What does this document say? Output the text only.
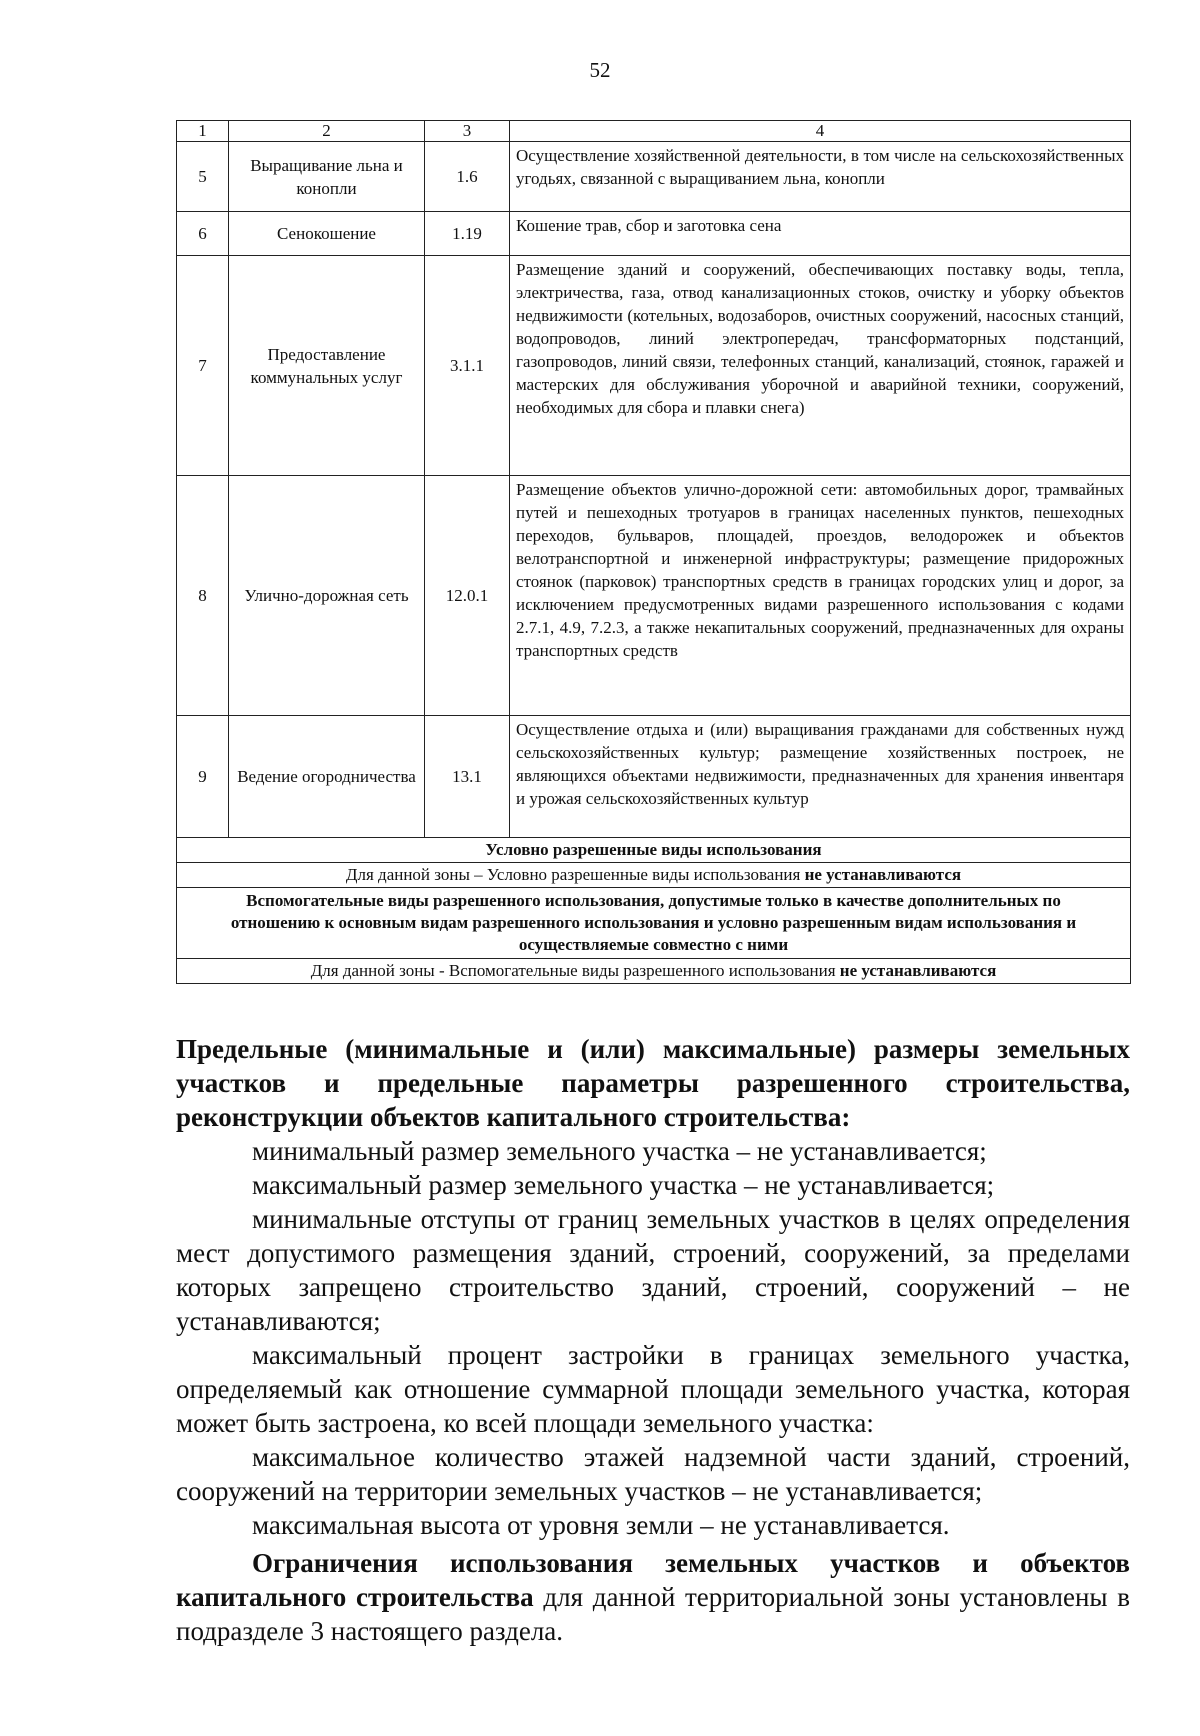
52
1	2	3	4
5	Выращивание льна и конопли	1.6	Осуществление хозяйственной деятельности, в том числе на сельскохозяйственных угодьях, связанной с выращиванием льна, конопли
6	Сенокошение	1.19	Кошение трав, сбор и заготовка сена
7	Предоставление коммунальных услуг	3.1.1	Размещение зданий и сооружений, обеспечивающих поставку воды, тепла, электричества, газа, отвод канализационных стоков, очистку и уборку объектов недвижимости (котельных, водозаборов, очистных сооружений, насосных станций, водопроводов, линий электропередач, трансформаторных подстанций, газопроводов, линий связи, телефонных станций, канализаций, стоянок, гаражей и мастерских для обслуживания уборочной и аварийной техники, сооружений, необходимых для сбора и плавки снега)
8	Улично-дорожная сеть	12.0.1	Размещение объектов улично-дорожной сети: автомобильных дорог, трамвайных путей и пешеходных тротуаров в границах населенных пунктов, пешеходных переходов, бульваров, площадей, проездов, велодорожек и объектов велотранспортной и инженерной инфраструктуры; размещение придорожных стоянок (парковок) транспортных средств в границах городских улиц и дорог, за исключением предусмотренных видами разрешенного использования с кодами 2.7.1, 4.9, 7.2.3, а также некапитальных сооружений, предназначенных для охраны транспортных средств
9	Ведение огородничества	13.1	Осуществление отдыха и (или) выращивания гражданами для собственных нужд сельскохозяйственных культур; размещение хозяйственных построек, не являющихся объектами недвижимости, предназначенных для хранения инвентаря и урожая сельскохозяйственных культур
Условно разрешенные виды использования			
Для данной зоны – Условно разрешенные виды использования не устанавливаются			
Вспомогательные виды разрешенного использования, допустимые только в качестве дополнительных по отношению к основным видам разрешенного использования и условно разрешенным видам использования и осуществляемые совместно с ними			
Для данной зоны - Вспомогательные виды разрешенного использования не устанавливаются			
Предельные (минимальные и (или) максимальные) размеры земельных участков и предельные параметры разрешенного строительства, реконструкции объектов капитального строительства:

минимальный размер земельного участка – не устанавливается;

максимальный размер земельного участка – не устанавливается;

минимальные отступы от границ земельных участков в целях определения мест допустимого размещения зданий, строений, сооружений, за пределами которых запрещено строительство зданий, строений, сооружений – не устанавливаются;

максимальный процент застройки в границах земельного участка, определяемый как отношение суммарной площади земельного участка, которая может быть застроена, ко всей площади земельного участка:

максимальное количество этажей надземной части зданий, строений, сооружений на территории земельных участков – не устанавливается;

максимальная высота от уровня земли – не устанавливается.

Ограничения использования земельных участков и объектов капитального строительства для данной территориальной зоны установлены в подразделе 3 настоящего раздела.
